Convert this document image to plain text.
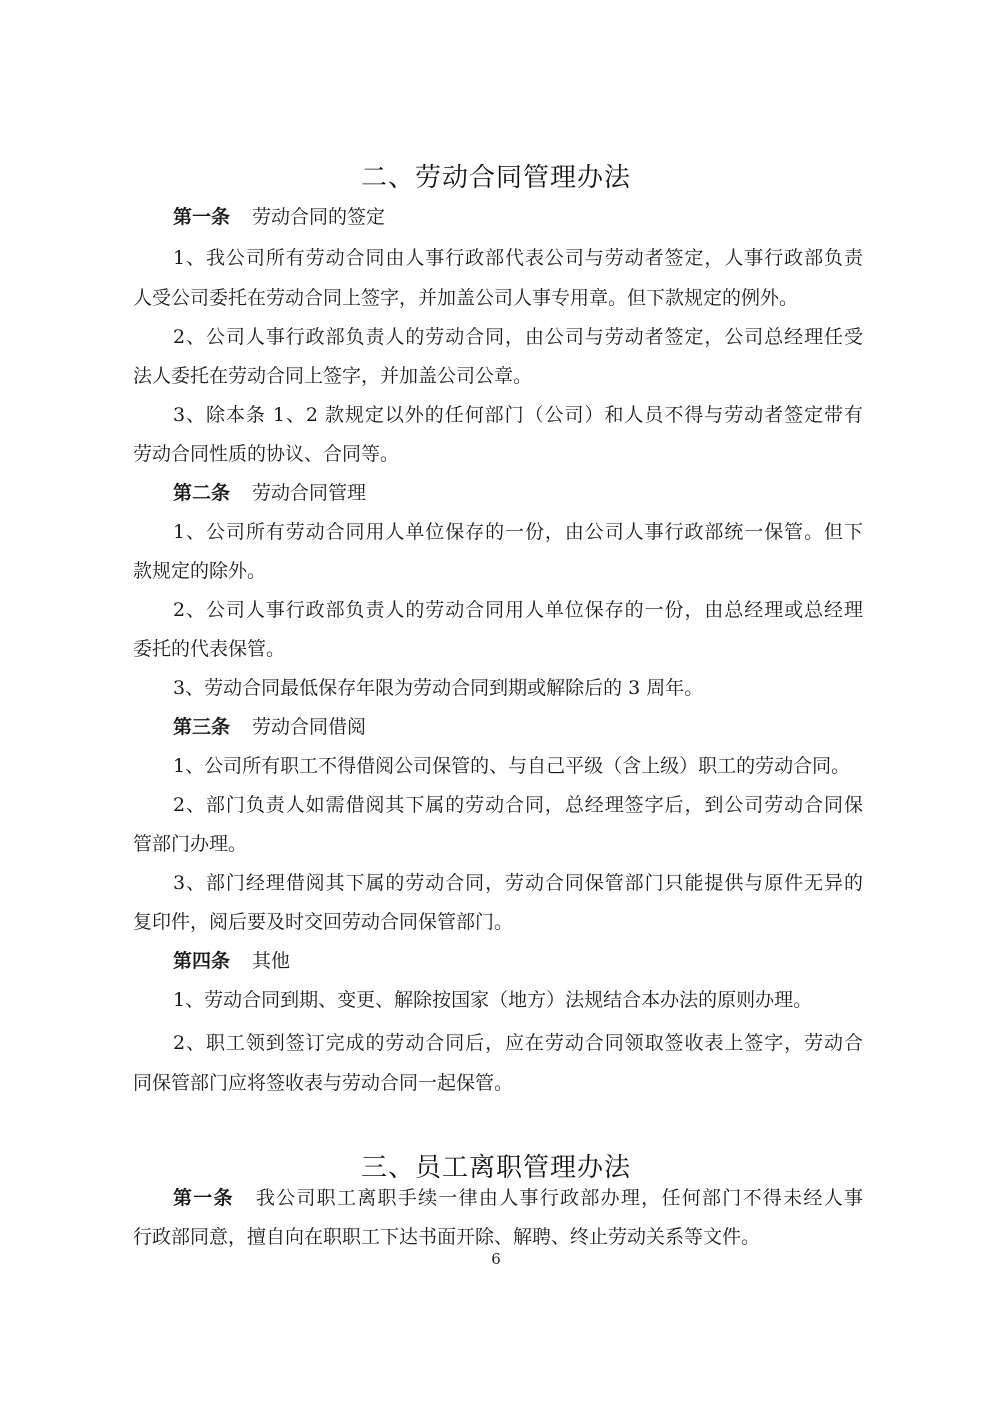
二、劳动合同管理办法
第一条 劳动合同的签定
1、我公司所有劳动合同由人事行政部代表公司与劳动者签定，人事行政部负责
人受公司委托在劳动合同上签字，并加盖公司人事专用章。但下款规定的例外。
2、公司人事行政部负责人的劳动合同，由公司与劳动者签定，公司总经理任受
法人委托在劳动合同上签字，并加盖公司公章。
3、除本条 1、2 款规定以外的任何部门（公司）和人员不得与劳动者签定带有
劳动合同性质的协议、合同等。
第二条 劳动合同管理
1、公司所有劳动合同用人单位保存的一份，由公司人事行政部统一保管。但下
款规定的除外。
2、公司人事行政部负责人的劳动合同用人单位保存的一份，由总经理或总经理
委托的代表保管。
3、劳动合同最低保存年限为劳动合同到期或解除后的 3 周年。
第三条 劳动合同借阅
1、公司所有职工不得借阅公司保管的、与自己平级（含上级）职工的劳动合同。
2、部门负责人如需借阅其下属的劳动合同，总经理签字后，到公司劳动合同保
管部门办理。
3、部门经理借阅其下属的劳动合同，劳动合同保管部门只能提供与原件无异的
复印件，阅后要及时交回劳动合同保管部门。
第四条 其他
1、劳动合同到期、变更、解除按国家（地方）法规结合本办法的原则办理。
2、职工领到签订完成的劳动合同后，应在劳动合同领取签收表上签字，劳动合
同保管部门应将签收表与劳动合同一起保管。
三、员工离职管理办法
第一条 我公司职工离职手续一律由人事行政部办理，任何部门不得未经人事
行政部同意，擅自向在职职工下达书面开除、解聘、终止劳动关系等文件。
6
